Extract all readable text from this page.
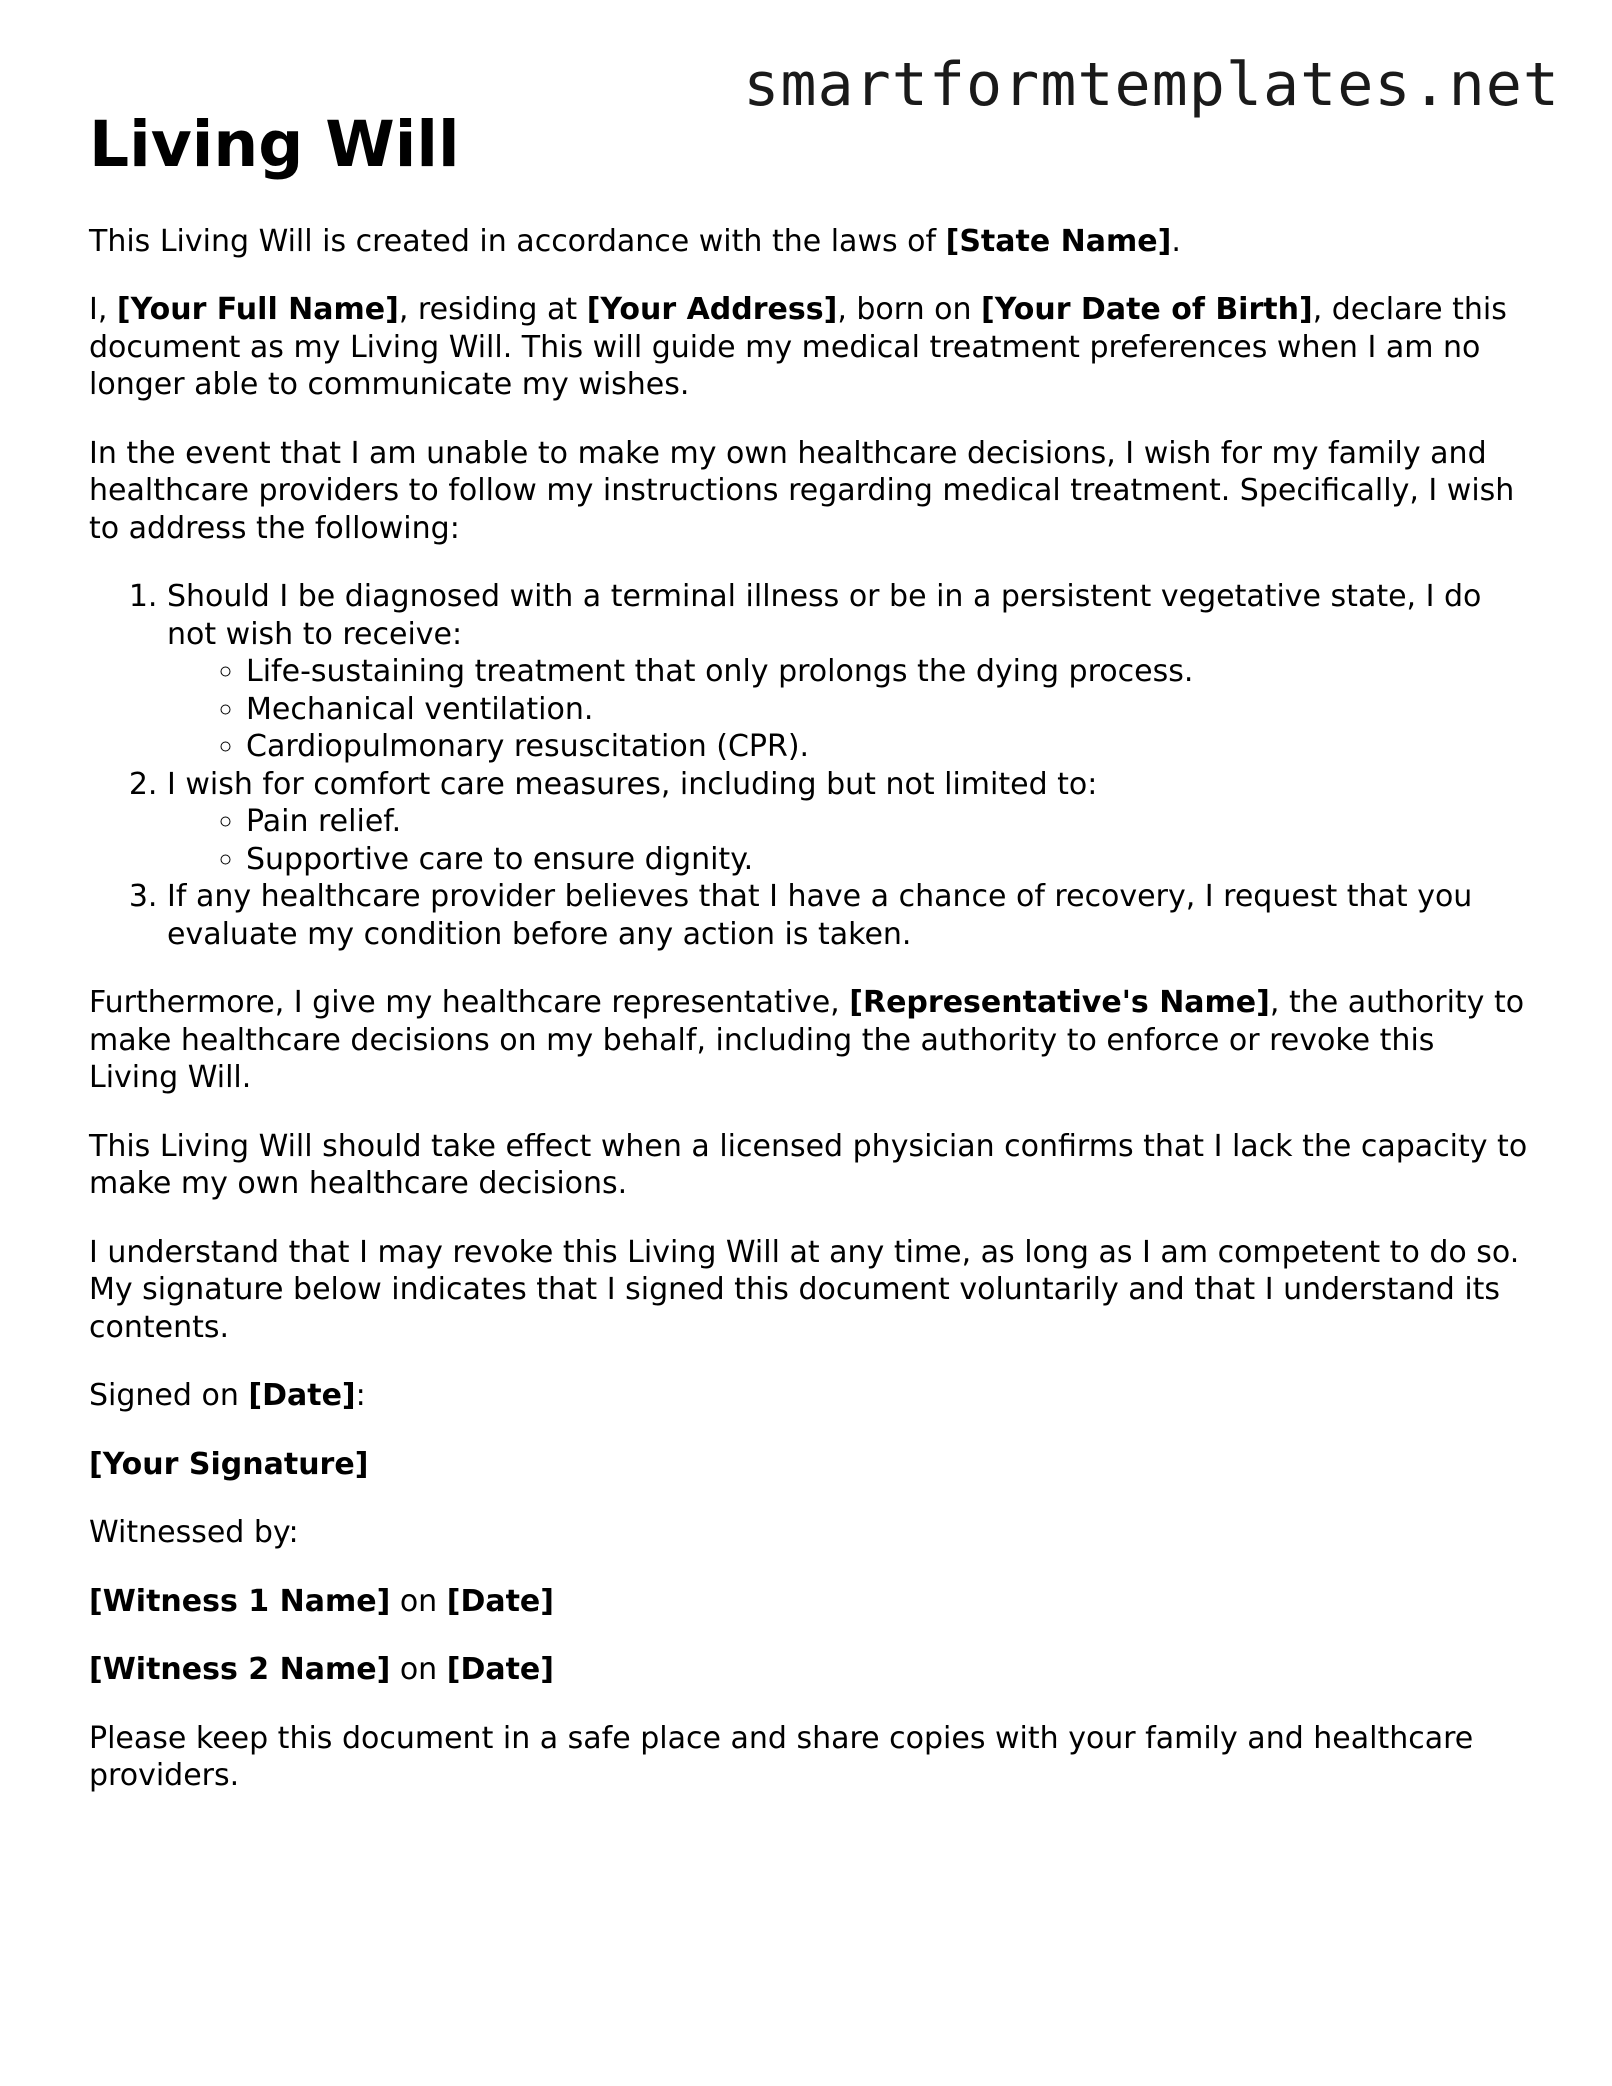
smartformtemplates.net
Living Will

This Living Will is created in accordance with the laws of [State Name].

I, [Your Full Name], residing at [Your Address], born on [Your Date of Birth], declare this document as my Living Will. This will guide my medical treatment preferences when I am no longer able to communicate my wishes.

In the event that I am unable to make my own healthcare decisions, I wish for my family and healthcare providers to follow my instructions regarding medical treatment. Specifically, I wish to address the following:

1. Should I be diagnosed with a terminal illness or be in a persistent vegetative state, I do not wish to receive:
◦ Life-sustaining treatment that only prolongs the dying process.
◦ Mechanical ventilation.
◦ Cardiopulmonary resuscitation (CPR).
2. I wish for comfort care measures, including but not limited to:
◦ Pain relief.
◦ Supportive care to ensure dignity.
3. If any healthcare provider believes that I have a chance of recovery, I request that you evaluate my condition before any action is taken.

Furthermore, I give my healthcare representative, [Representative's Name], the authority to make healthcare decisions on my behalf, including the authority to enforce or revoke this Living Will.

This Living Will should take effect when a licensed physician confirms that I lack the capacity to make my own healthcare decisions.

I understand that I may revoke this Living Will at any time, as long as I am competent to do so. My signature below indicates that I signed this document voluntarily and that I understand its contents.

Signed on [Date]:

[Your Signature]

Witnessed by:

[Witness 1 Name] on [Date]

[Witness 2 Name] on [Date]

Please keep this document in a safe place and share copies with your family and healthcare providers.
